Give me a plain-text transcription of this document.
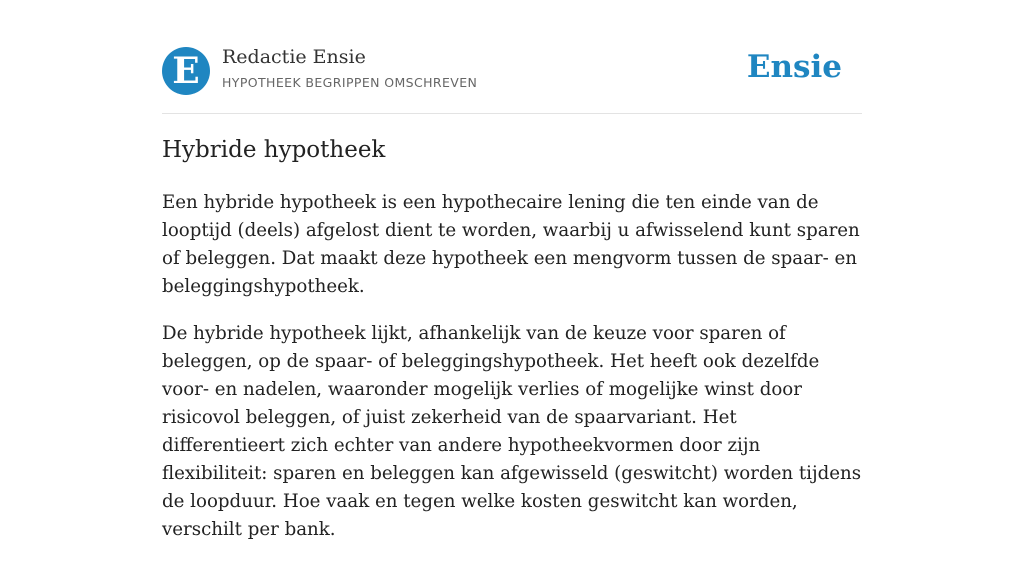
E	Redactie Ensie
HYPOTHEEK BEGRIPPEN OMSCHREVEN	Ensie
Hybride hypotheek

Een hybride hypotheek is een hypothecaire lening die ten einde van de looptijd (deels) afgelost dient te worden, waarbij u afwisselend kunt sparen of beleggen. Dat maakt deze hypotheek een mengvorm tussen de spaar- en beleggingshypotheek.

De hybride hypotheek lijkt, afhankelijk van de keuze voor sparen of beleggen, op de spaar- of beleggingshypotheek. Het heeft ook dezelfde voor- en nadelen, waaronder mogelijk verlies of mogelijke winst door risicovol beleggen, of juist zekerheid van de spaarvariant. Het differentieert zich echter van andere hypotheekvormen door zijn flexibiliteit: sparen en beleggen kan afgewisseld (geswitcht) worden tijdens de loopduur. Hoe vaak en tegen welke kosten geswitcht kan worden, verschilt per bank.
